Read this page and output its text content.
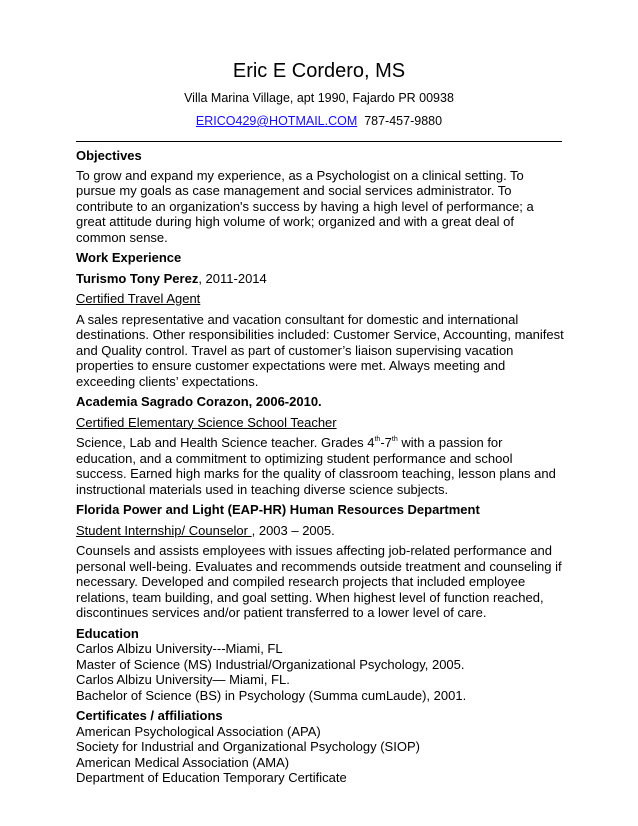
Eric E Cordero, MS
Villa Marina Village, apt 1990, Fajardo PR 00938
ERICO429@HOTMAIL.COM 787-457-9880

Objectives

To grow and expand my experience, as a Psychologist on a clinical setting. To pursue my goals as case management and social services administrator. To contribute to an organization's success by having a high level of performance; a great attitude during high volume of work; organized and with a great deal of common sense.

Work Experience

Turismo Tony Perez, 2011-2014

Certified Travel Agent

A sales representative and vacation consultant for domestic and international destinations. Other responsibilities included: Customer Service, Accounting, manifest and Quality control. Travel as part of customer’s liaison supervising vacation properties to ensure customer expectations were met. Always meeting and exceeding clients’ expectations.

Academia Sagrado Corazon, 2006-2010.

Certified Elementary Science School Teacher

Science, Lab and Health Science teacher. Grades 4th-7th with a passion for education, and a commitment to optimizing student performance and school success. Earned high marks for the quality of classroom teaching, lesson plans and instructional materials used in teaching diverse science subjects.

Florida Power and Light (EAP-HR) Human Resources Department

Student Internship/ Counselor , 2003 – 2005.

Counsels and assists employees with issues affecting job-related performance and personal well-being. Evaluates and recommends outside treatment and counseling if necessary. Developed and compiled research projects that included employee relations, team building, and goal setting. When highest level of function reached, discontinues services and/or patient transferred to a lower level of care.

Education

Carlos Albizu University---Miami, FL

Master of Science (MS) Industrial/Organizational Psychology, 2005.

Carlos Albizu University— Miami, FL.

Bachelor of Science (BS) in Psychology (Summa cumLaude), 2001.

Certificates / affiliations

American Psychological Association (APA)

Society for Industrial and Organizational Psychology (SIOP)

American Medical Association (AMA)

Department of Education Temporary Certificate
